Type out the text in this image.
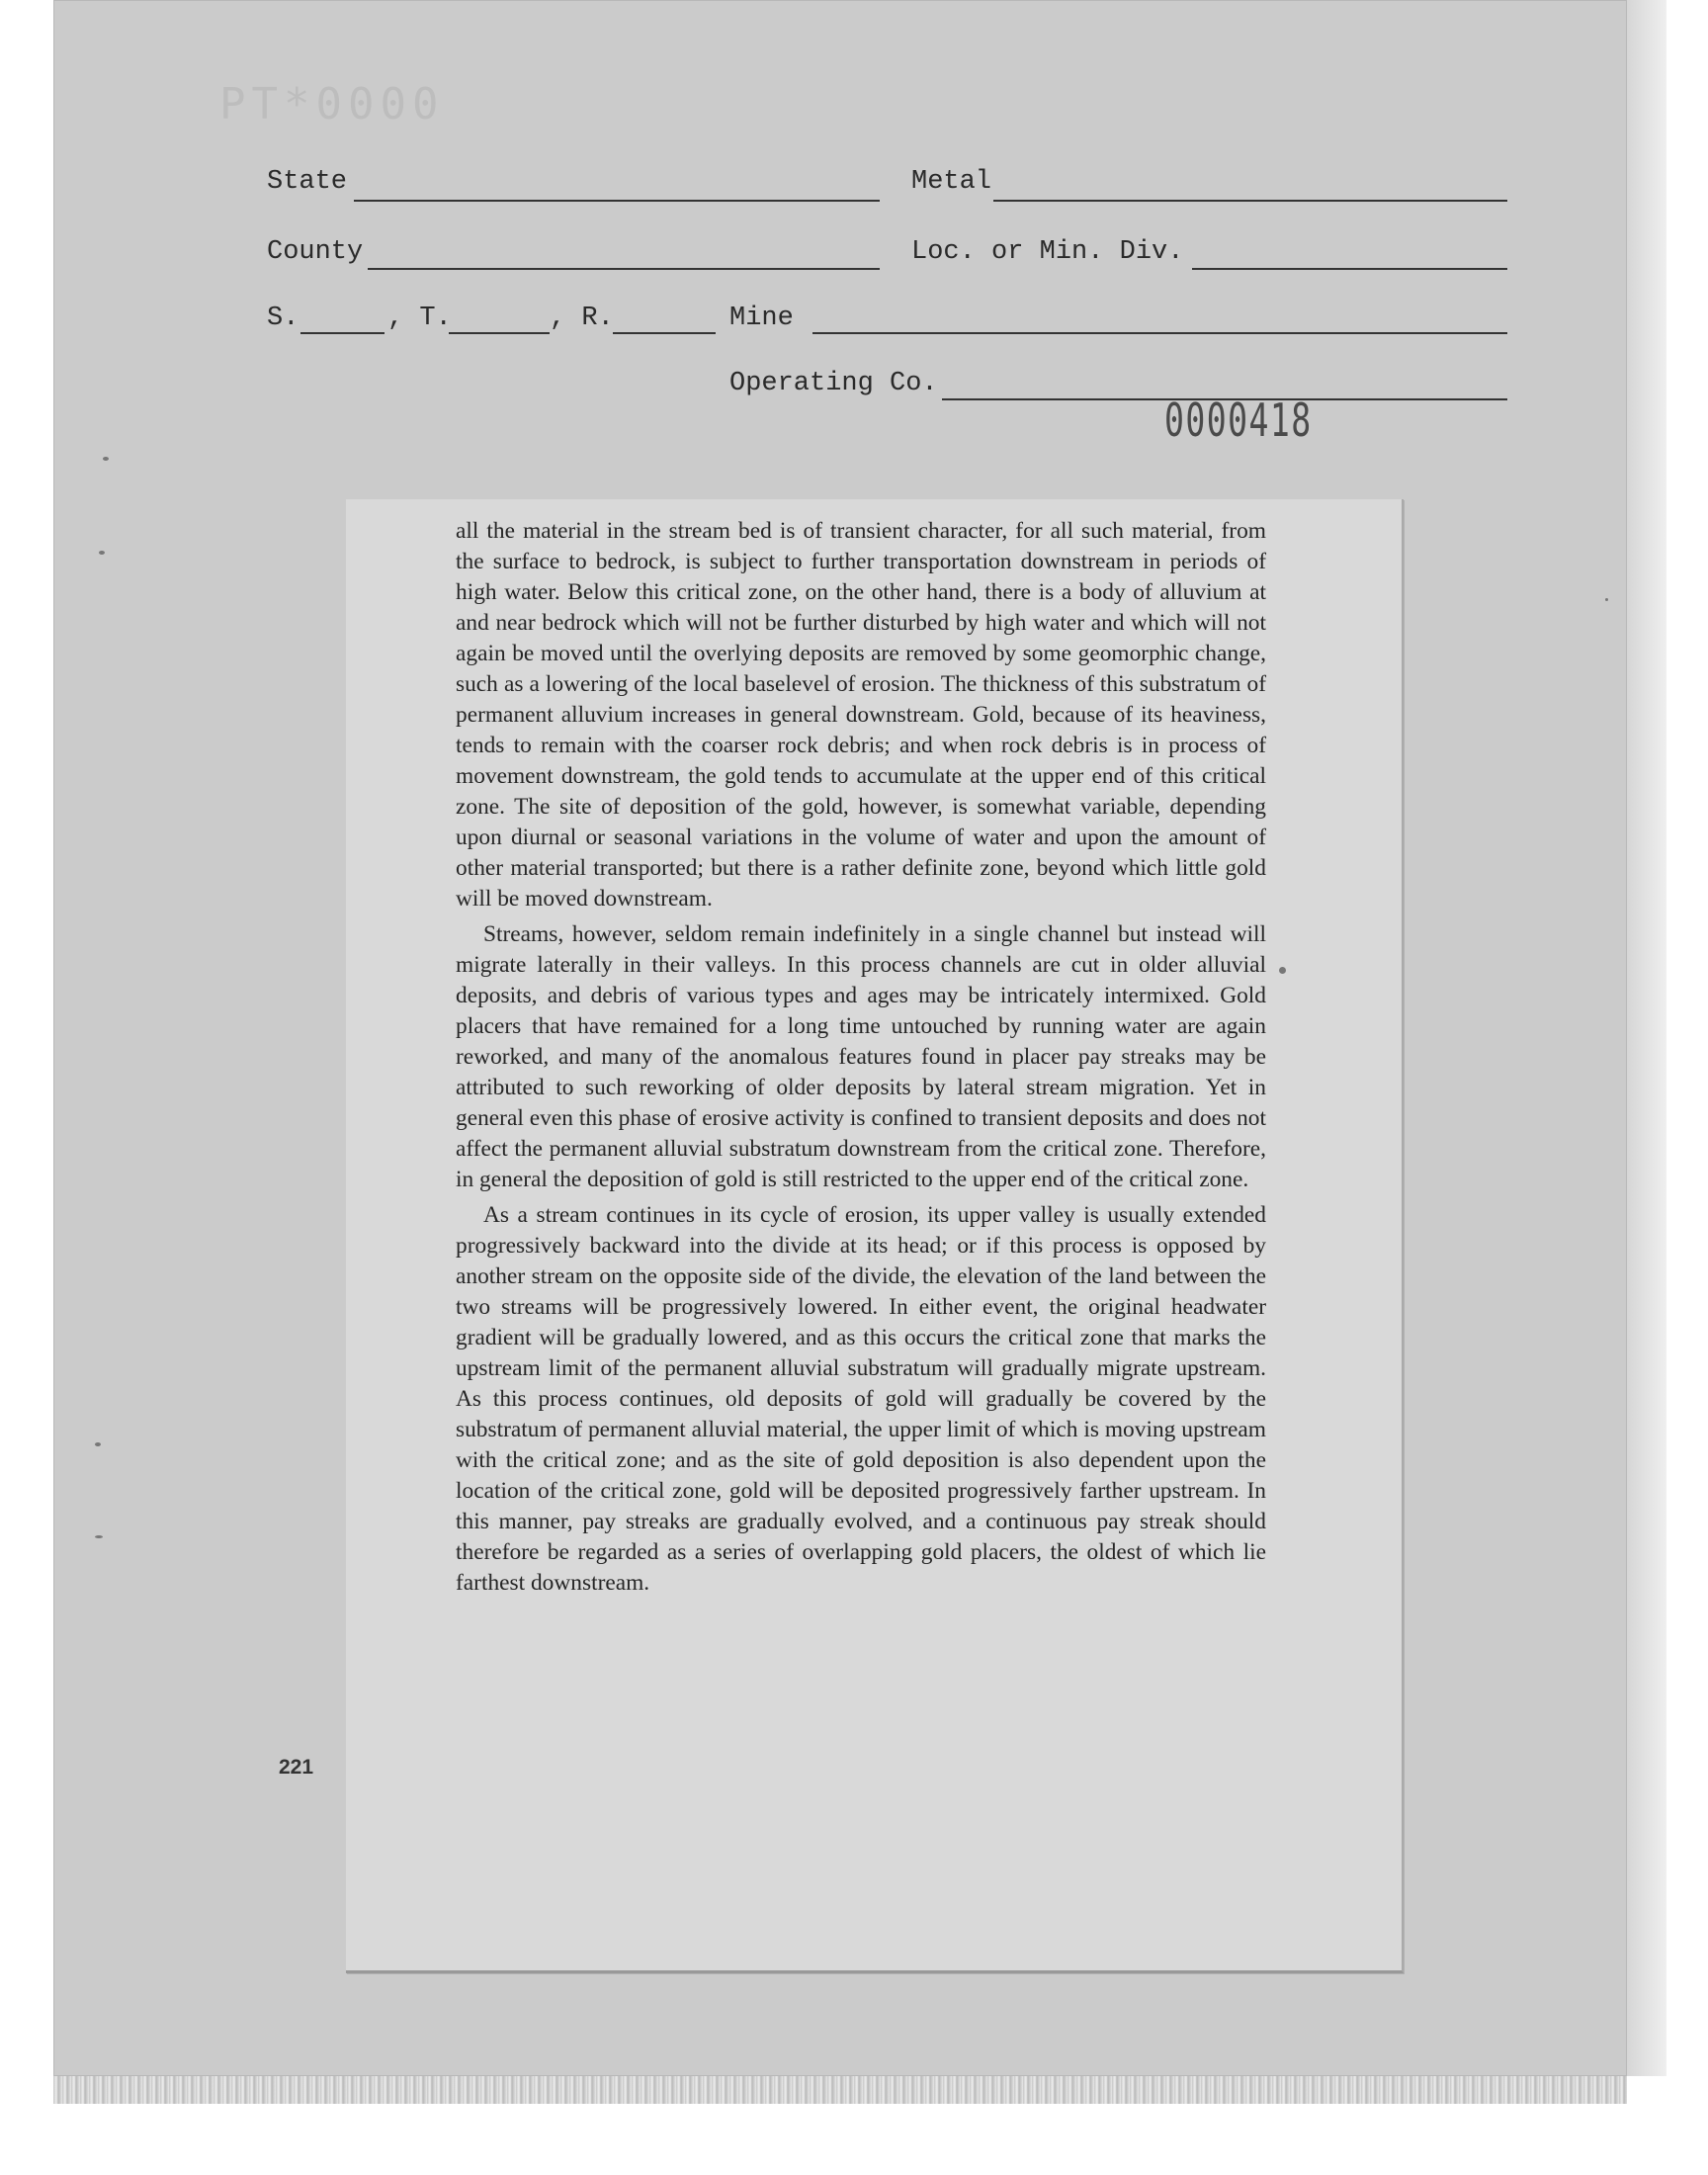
PT*0000
State	Metal
County	Loc. or Min. Div.
S.	, T.	, R.	Mine
Operating Co.
0000418

all the material in the stream bed is of transient character, for all such material, from the surface to bedrock, is subject to further transportation downstream in periods of high water. Below this critical zone, on the other hand, there is a body of alluvium at and near bedrock which will not be further disturbed by high water and which will not again be moved until the overlying deposits are removed by some geomorphic change, such as a lowering of the local baselevel of erosion. The thickness of this substratum of permanent alluvium increases in general downstream. Gold, because of its heaviness, tends to remain with the coarser rock debris; and when rock debris is in process of movement downstream, the gold tends to accumulate at the upper end of this critical zone. The site of deposition of the gold, however, is somewhat variable, depending upon diurnal or seasonal variations in the volume of water and upon the amount of other material transported; but there is a rather definite zone, beyond which little gold will be moved downstream.

Streams, however, seldom remain indefinitely in a single channel but instead will migrate laterally in their valleys. In this process channels are cut in older alluvial deposits, and debris of various types and ages may be intricately intermixed. Gold placers that have remained for a long time untouched by running water are again reworked, and many of the anomalous features found in placer pay streaks may be attributed to such reworking of older deposits by lateral stream migration. Yet in general even this phase of erosive activity is confined to transient deposits and does not affect the permanent alluvial substratum downstream from the critical zone. Therefore, in general the deposition of gold is still restricted to the upper end of the critical zone.

As a stream continues in its cycle of erosion, its upper valley is usually extended progressively backward into the divide at its head; or if this process is opposed by another stream on the opposite side of the divide, the elevation of the land between the two streams will be progressively lowered. In either event, the original headwater gradient will be gradually lowered, and as this occurs the critical zone that marks the upstream limit of the permanent alluvial substratum will gradually migrate upstream. As this process continues, old deposits of gold will gradually be covered by the substratum of permanent alluvial material, the upper limit of which is moving upstream with the critical zone; and as the site of gold deposition is also dependent upon the location of the critical zone, gold will be deposited progressively farther upstream. In this manner, pay streaks are gradually evolved, and a continuous pay streak should therefore be regarded as a series of overlapping gold placers, the oldest of which lie farthest downstream.

221
